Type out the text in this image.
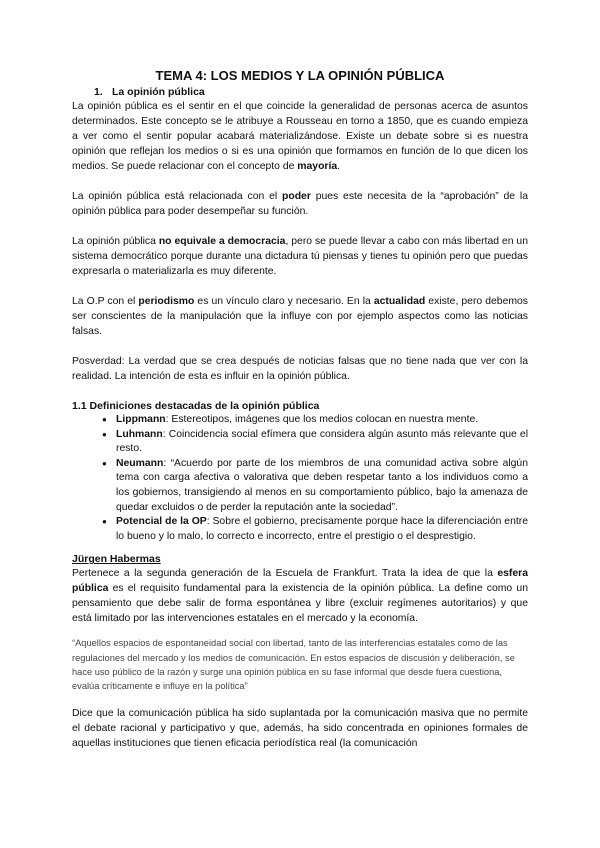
TEMA 4: LOS MEDIOS Y LA OPINIÓN PÚBLICA
1. La opinión pública

La opinión pública es el sentir en el que coincide la generalidad de personas acerca de asuntos determinados. Este concepto se le atribuye a Rousseau en torno a 1850, que es cuando empieza a ver como el sentir popular acabará materializándose. Existe un debate sobre si es nuestra opinión que reflejan los medios o si es una opinión que formamos en función de lo que dicen los medios. Se puede relacionar con el concepto de mayoría.

La opinión pública está relacionada con el poder pues este necesita de la “aprobación” de la opinión pública para poder desempeñar su función.

La opinión pública no equivale a democracia, pero se puede llevar a cabo con más libertad en un sistema democrático porque durante una dictadura tú piensas y tienes tu opinión pero que puedas expresarla o materializarla es muy diferente.

La O.P con el periodismo es un vínculo claro y necesario. En la actualidad existe, pero debemos ser conscientes de la manipulación que la influye con por ejemplo aspectos como las noticias falsas.

Posverdad: La verdad que se crea después de noticias falsas que no tiene nada que ver con la realidad. La intención de esta es influir en la opinión pública.

1.1 Definiciones destacadas de la opinión pública
● Lippmann: Estereotipos, imágenes que los medios colocan en nuestra mente.
● Luhmann: Coincidencia social efímera que considera algún asunto más relevante que el resto.
● Neumann: “Acuerdo por parte de los miembros de una comunidad activa sobre algún tema con carga afectiva o valorativa que deben respetar tanto a los individuos como a los gobiernos, transigiendo al menos en su comportamiento público, bajo la amenaza de quedar excluidos o de perder la reputación ante la sociedad”.
● Potencial de la OP: Sobre el gobierno, precisamente porque hace la diferenciación entre lo bueno y lo malo, lo correcto e incorrecto, entre el prestigio o el desprestigio.
Jürgen Habermas

Pertenece a la segunda generación de la Escuela de Frankfurt. Trata la idea de que la esfera pública es el requisito fundamental para la existencia de la opinión pública. La define como un pensamiento que debe salir de forma espontánea y libre (excluir regímenes autoritarios) y que está limitado por las intervenciones estatales en el mercado y la economía.

“Aquellos espacios de espontaneidad social con libertad, tanto de las interferencias estatales como de las regulaciones del mercado y los medios de comunicación. En estos espacios de discusión y deliberación, se hace uso público de la razón y surge una opinión pública en su fase informal que desde fuera cuestiona, evalúa críticamente e influye en la política”

Dice que la comunicación pública ha sido suplantada por la comunicación masiva que no permite el debate racional y participativo y que, además, ha sido concentrada en opiniones formales de aquellas instituciones que tienen eficacia periodística real (la comunicación
